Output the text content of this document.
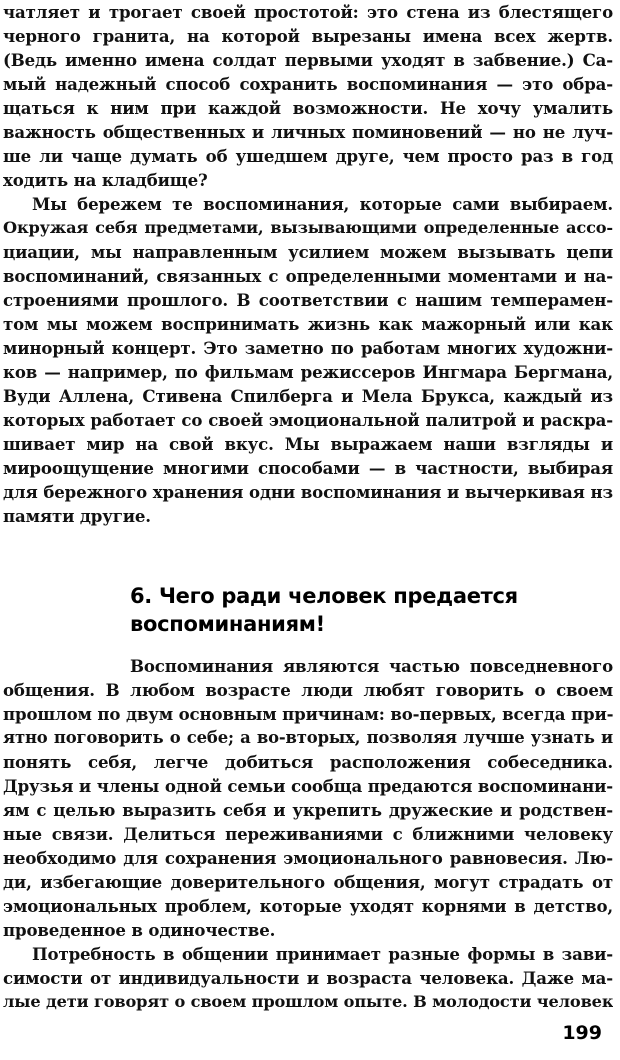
чатляет и трогает своей простотой: это стена из блестящего
черного гранита, на которой вырезаны имена всех жертв.
(Ведь именно имена солдат первыми уходят в забвение.) Са-
мый надежный способ сохранить воспоминания — это обра-
щаться к ним при каждой возможности. Не хочу умалить
важность общественных и личных поминовений — но не луч-
ше ли чаще думать об ушедшем друге, чем просто раз в год
ходить на кладбище?
Мы бережем те воспоминания, которые сами выбираем.
Окружая себя предметами, вызывающими определенные ассо-
циации, мы направленным усилием можем вызывать цепи
воспоминаний, связанных с определенными моментами и на-
строениями прошлого. В соответствии с нашим темперамен-
том мы можем воспринимать жизнь как мажорный или как
минорный концерт. Это заметно по работам многих художни-
ков — например, по фильмам режиссеров Ингмара Бергмана,
Вуди Аллена, Стивена Спилберга и Мела Брукса, каждый из
которых работает со своей эмоциональной палитрой и раскра-
шивает мир на свой вкус. Мы выражаем наши взгляды и
мироощущение многими способами — в частности, выбирая
для бережного хранения одни воспоминания и вычеркивая нз
памяти другие.
6. Чего ради человек предается
воспоминаниям!
Воспоминания являются частью повседневного
общения. В любом возрасте люди любят говорить о своем
прошлом по двум основным причинам: во-первых, всегда при-
ятно поговорить о себе; а во-вторых, позволяя лучше узнать и
понять себя, легче добиться расположения собеседника.
Друзья и члены одной семьи сообща предаются воспоминани-
ям с целью выразить себя и укрепить дружеские и родствен-
ные связи. Делиться переживаниями с ближними человеку
необходимо для сохранения эмоционального равновесия. Лю-
ди, избегающие доверительного общения, могут страдать от
эмоциональных проблем, которые уходят корнями в детство,
проведенное в одиночестве.
Потребность в общении принимает разные формы в зави-
симости от индивидуальности и возраста человека. Даже ма-
лые дети говорят о своем прошлом опыте. В молодости человек
199
